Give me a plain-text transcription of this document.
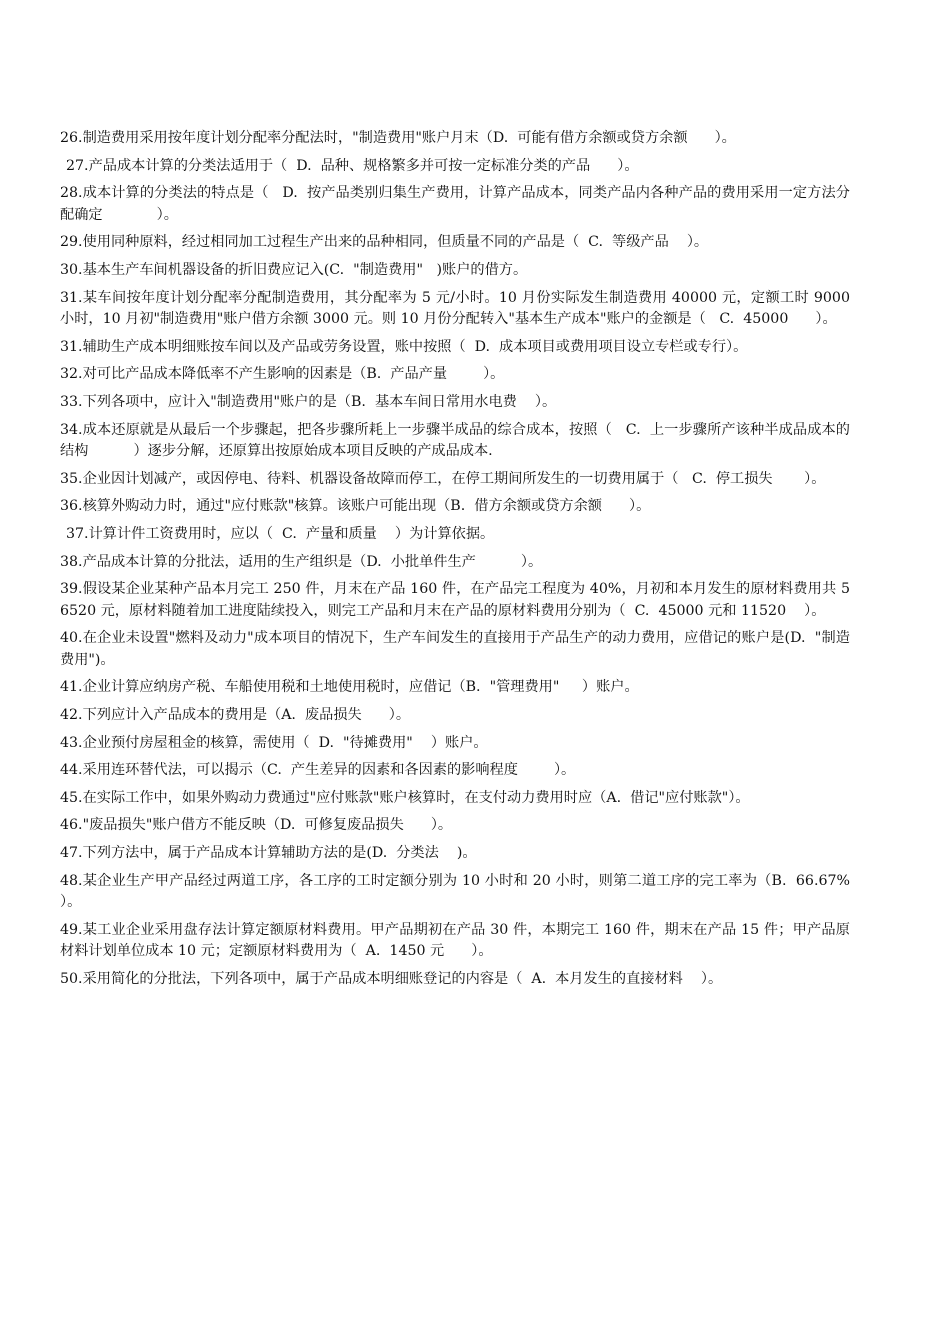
26.制造费用采用按年度计划分配率分配法时，"制造费用"账户月末（D.  可能有借方余额或贷方余额      ）。

27.产品成本计算的分类法适用于（  D.  品种、规格繁多并可按一定标准分类的产品      ）。

28.成本计算的分类法的特点是（   D.  按产品类别归集生产费用，计算产品成本，同类产品内各种产品的费用采用一定方法分配确定            ）。

29.使用同种原料，经过相同加工过程生产出来的品种相同，但质量不同的产品是（  C.  等级产品    ）。

30.基本生产车间机器设备的折旧费应记入(C.  "制造费用"   )账户的借方。

31.某车间按年度计划分配率分配制造费用，其分配率为 5 元/小时。10 月份实际发生制造费用 40000 元，定额工时 9000 小时，10 月初"制造费用"账户借方余额 3000 元。则 10 月份分配转入"基本生产成本"账户的金额是（   C.  45000      ）。

31.辅助生产成本明细账按车间以及产品或劳务设置，账中按照（  D.  成本项目或费用项目设立专栏或专行）。

32.对可比产品成本降低率不产生影响的因素是（B.  产品产量        ）。

33.下列各项中，应计入"制造费用"账户的是（B.  基本车间日常用水电费    ）。

34.成本还原就是从最后一个步骤起，把各步骤所耗上一步骤半成品的综合成本，按照（   C.  上一步骤所产该种半成品成本的结构          ）逐步分解，还原算出按原始成本项目反映的产成品成本.

35.企业因计划减产，或因停电、待料、机器设备故障而停工，在停工期间所发生的一切费用属于（   C.  停工损失       ）。

36.核算外购动力时，通过"应付账款"核算。该账户可能出现（B.  借方余额或贷方余额      ）。

37.计算计件工资费用时，应以（  C.  产量和质量    ）为计算依据。

38.产品成本计算的分批法，适用的生产组织是（D.  小批单件生产          ）。

39.假设某企业某种产品本月完工 250 件，月末在产品 160 件，在产品完工程度为 40%，月初和本月发生的原材料费用共 56520 元，原材料随着加工进度陆续投入，则完工产品和月末在产品的原材料费用分别为（  C.  45000 元和 11520    ）。

40.在企业未设置"燃料及动力"成本项目的情况下，生产车间发生的直接用于产品生产的动力费用，应借记的账户是(D.  "制造费用")。

41.企业计算应纳房产税、车船使用税和土地使用税时，应借记（B.  "管理费用"     ）账户。

42.下列应计入产品成本的费用是（A.  废品损失      ）。

43.企业预付房屋租金的核算，需使用（  D.  "待摊费用"    ）账户。

44.采用连环替代法，可以揭示（C.  产生差异的因素和各因素的影响程度        ）。

45.在实际工作中，如果外购动力费通过"应付账款"账户核算时，在支付动力费用时应（A.  借记"应付账款"）。

46."废品损失"账户借方不能反映（D.  可修复废品损失      ）。

47.下列方法中，属于产品成本计算辅助方法的是(D.  分类法    )。

48.某企业生产甲产品经过两道工序，各工序的工时定额分别为 10 小时和 20 小时，则第二道工序的完工率为（B.  66.67%        ）。

49.某工业企业采用盘存法计算定额原材料费用。甲产品期初在产品 30 件，本期完工 160 件，期末在产品 15 件；甲产品原材料计划单位成本 10 元；定额原材料费用为（  A.  1450 元      ）。

50.采用简化的分批法，下列各项中，属于产品成本明细账登记的内容是（  A.  本月发生的直接材料    ）。
